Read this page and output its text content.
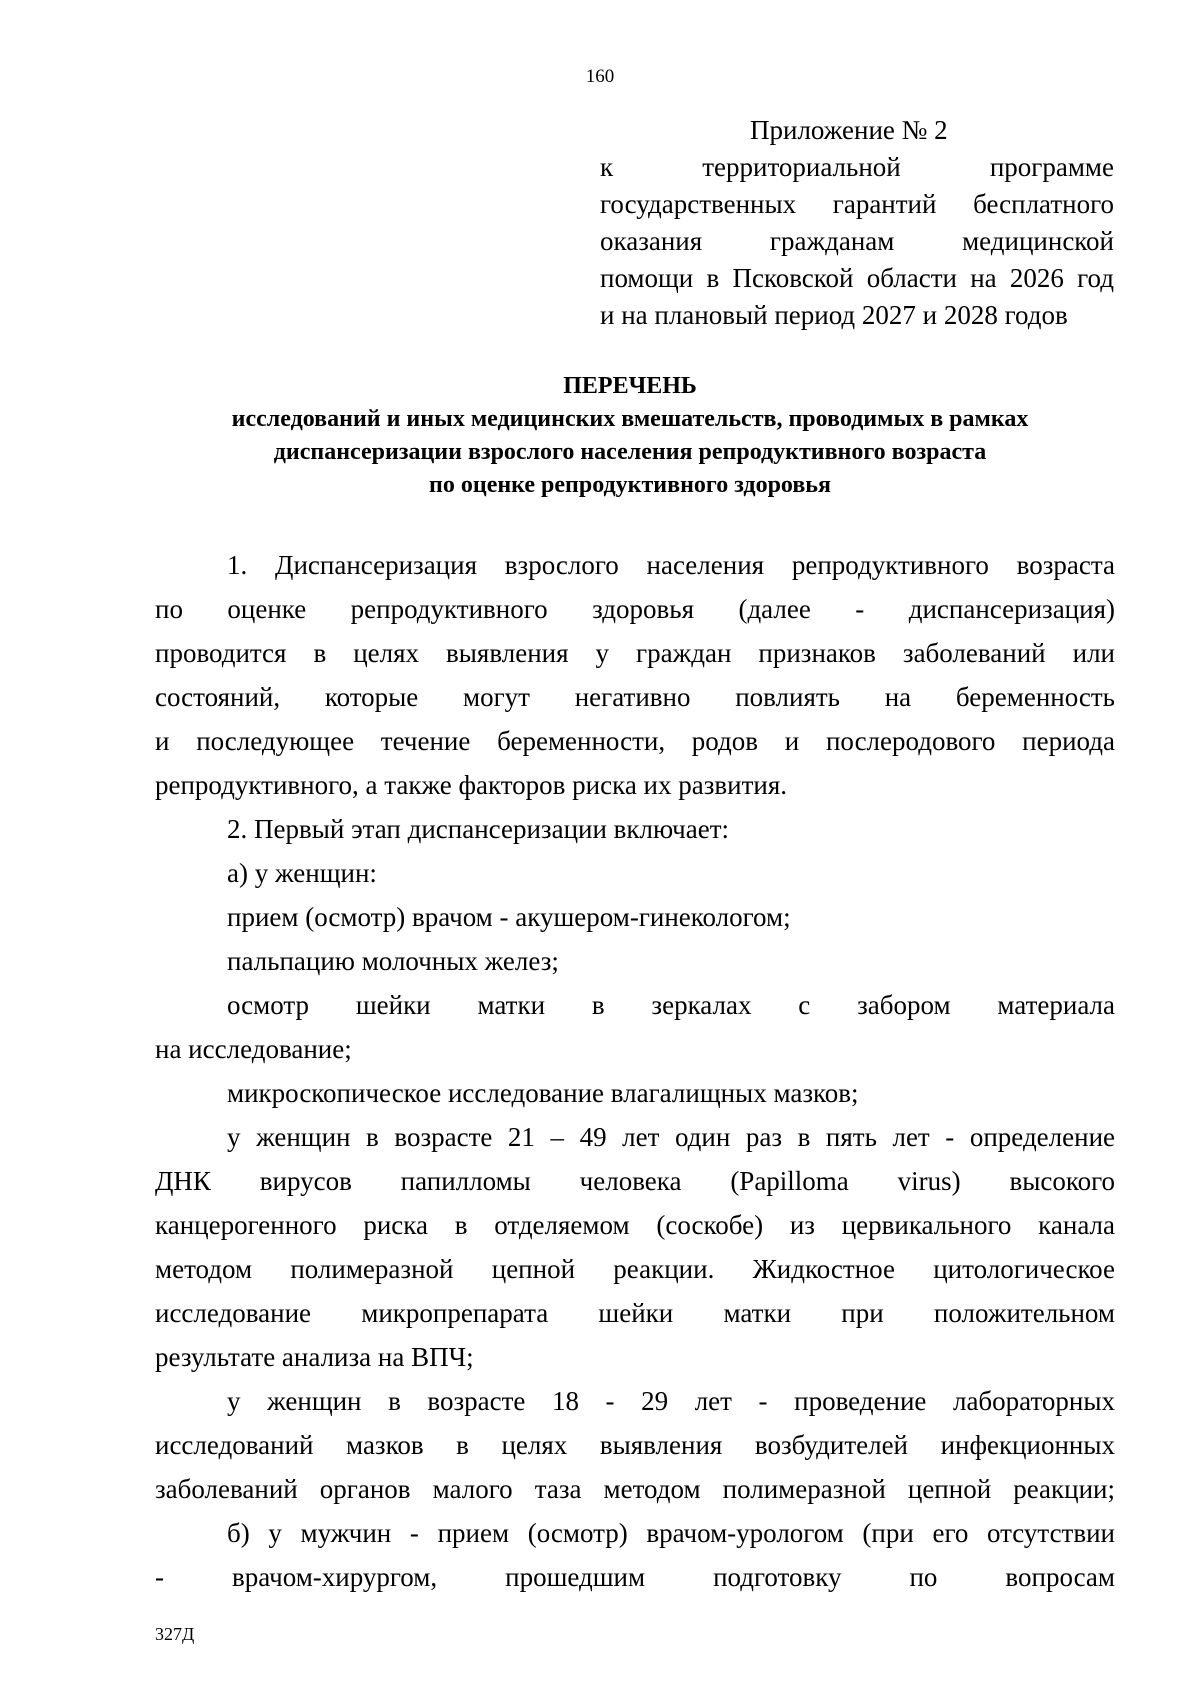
160
Приложение № 2
к территориальной программе
государственных гарантий бесплатного
оказания гражданам медицинской
помощи в Псковской области на 2026 год
и на плановый период 2027 и 2028 годов
ПЕРЕЧЕНЬ
исследований и иных медицинских вмешательств, проводимых в рамках
диспансеризации взрослого населения репродуктивного возраста
по оценке репродуктивного здоровья
1. Диспансеризация взрослого населения репродуктивного возраста
по оценке репродуктивного здоровья (далее - диспансеризация)
проводится в целях выявления у граждан признаков заболеваний или
состояний, которые могут негативно повлиять на беременность
и последующее течение беременности, родов и послеродового периода
репродуктивного, а также факторов риска их развития.
2. Первый этап диспансеризации включает:
а) у женщин:
прием (осмотр) врачом - акушером-гинекологом;
пальпацию молочных желез;
осмотр шейки матки в зеркалах с забором материала
на исследование;
микроскопическое исследование влагалищных мазков;
у женщин в возрасте 21 – 49 лет один раз в пять лет - определение
ДНК вирусов папилломы человека (Papilloma virus) высокого
канцерогенного риска в отделяемом (соскобе) из цервикального канала
методом полимеразной цепной реакции. Жидкостное цитологическое
исследование микропрепарата шейки матки при положительном
результате анализа на ВПЧ;
у женщин в возрасте 18 - 29 лет - проведение лабораторных
исследований мазков в целях выявления возбудителей инфекционных
заболеваний органов малого таза методом полимеразной цепной реакции;
б) у мужчин - прием (осмотр) врачом-урологом (при его отсутствии
- врачом-хирургом, прошедшим подготовку по вопросам
327Д
